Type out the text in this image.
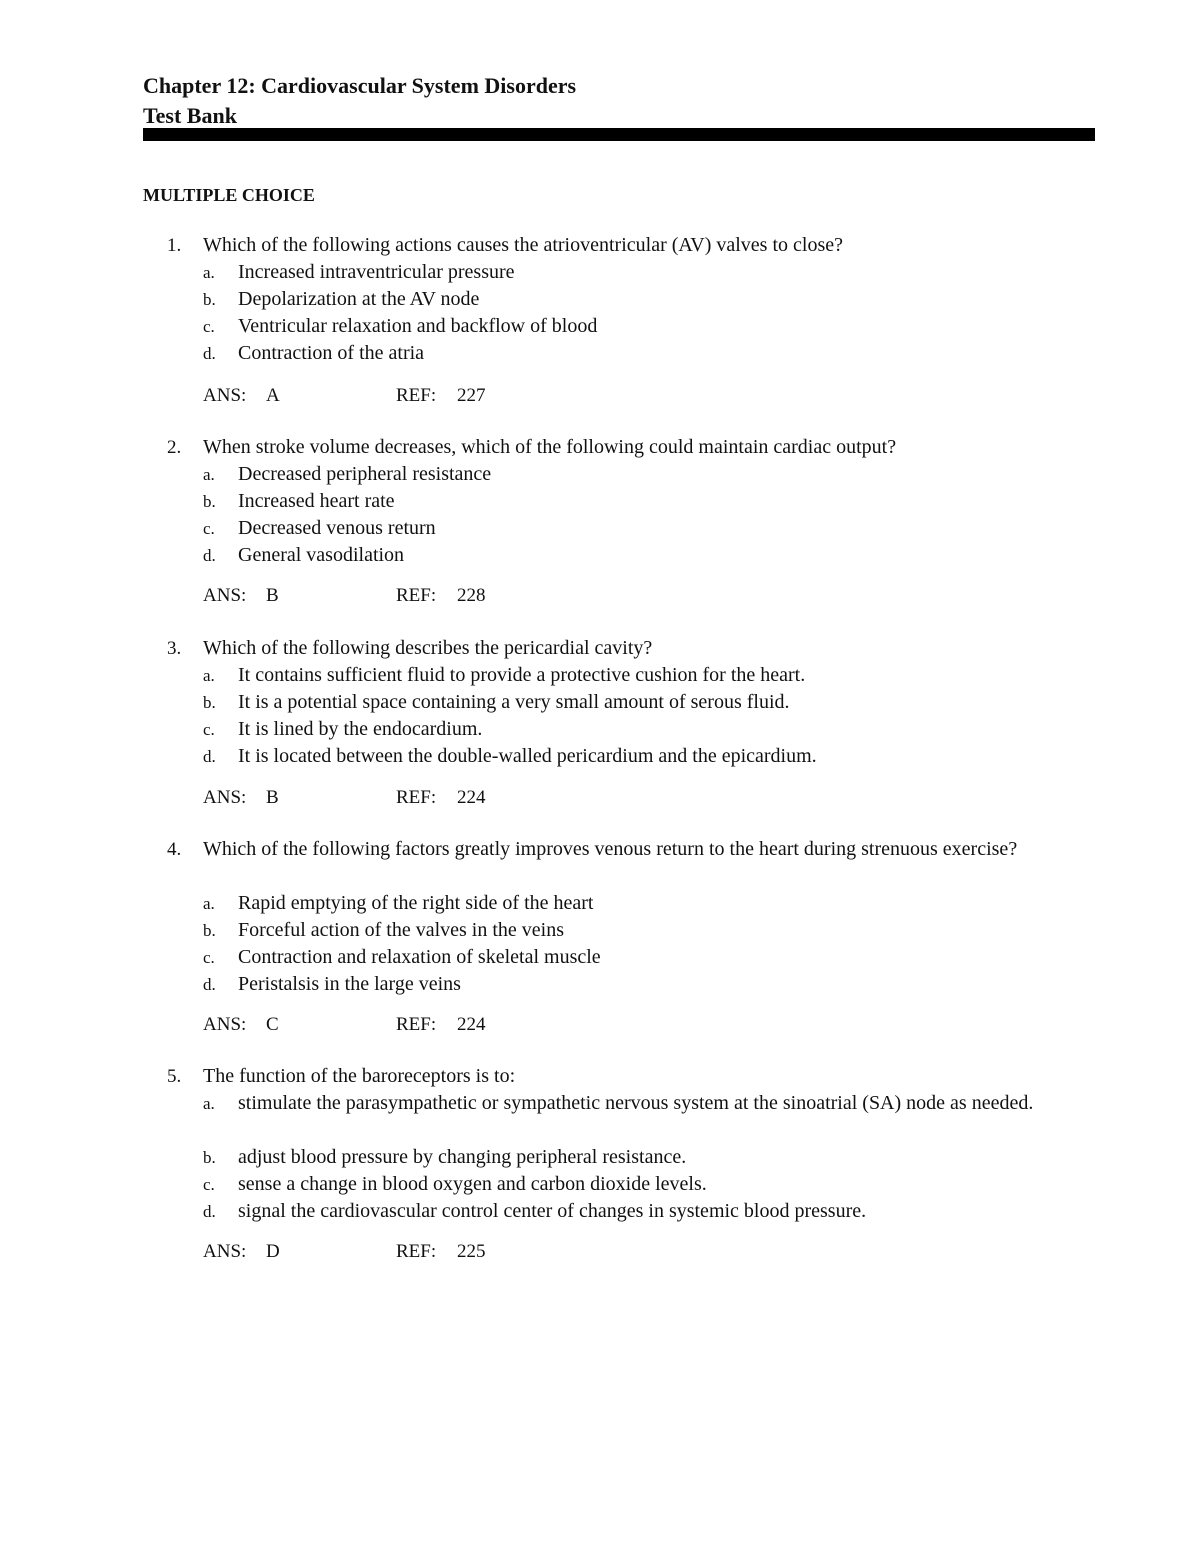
Chapter 12: Cardiovascular System Disorders
Test Bank
MULTIPLE CHOICE
1. Which of the following actions causes the atrioventricular (AV) valves to close?
a. Increased intraventricular pressure
b. Depolarization at the AV node
c. Ventricular relaxation and backflow of blood
d. Contraction of the atria
ANS: A	REF: 227
2. When stroke volume decreases, which of the following could maintain cardiac output?
a. Decreased peripheral resistance
b. Increased heart rate
c. Decreased venous return
d. General vasodilation
ANS: B	REF: 228
3. Which of the following describes the pericardial cavity?
a. It contains sufficient fluid to provide a protective cushion for the heart.
b. It is a potential space containing a very small amount of serous fluid.
c. It is lined by the endocardium.
d. It is located between the double-walled pericardium and the epicardium.
ANS: B	REF: 224
4. Which of the following factors greatly improves venous return to the heart during strenuous exercise?
a. Rapid emptying of the right side of the heart
b. Forceful action of the valves in the veins
c. Contraction and relaxation of skeletal muscle
d. Peristalsis in the large veins
ANS: C	REF: 224
5. The function of the baroreceptors is to:
a. stimulate the parasympathetic or sympathetic nervous system at the sinoatrial (SA) node as needed.
b. adjust blood pressure by changing peripheral resistance.
c. sense a change in blood oxygen and carbon dioxide levels.
d. signal the cardiovascular control center of changes in systemic blood pressure.
ANS: D	REF: 225
